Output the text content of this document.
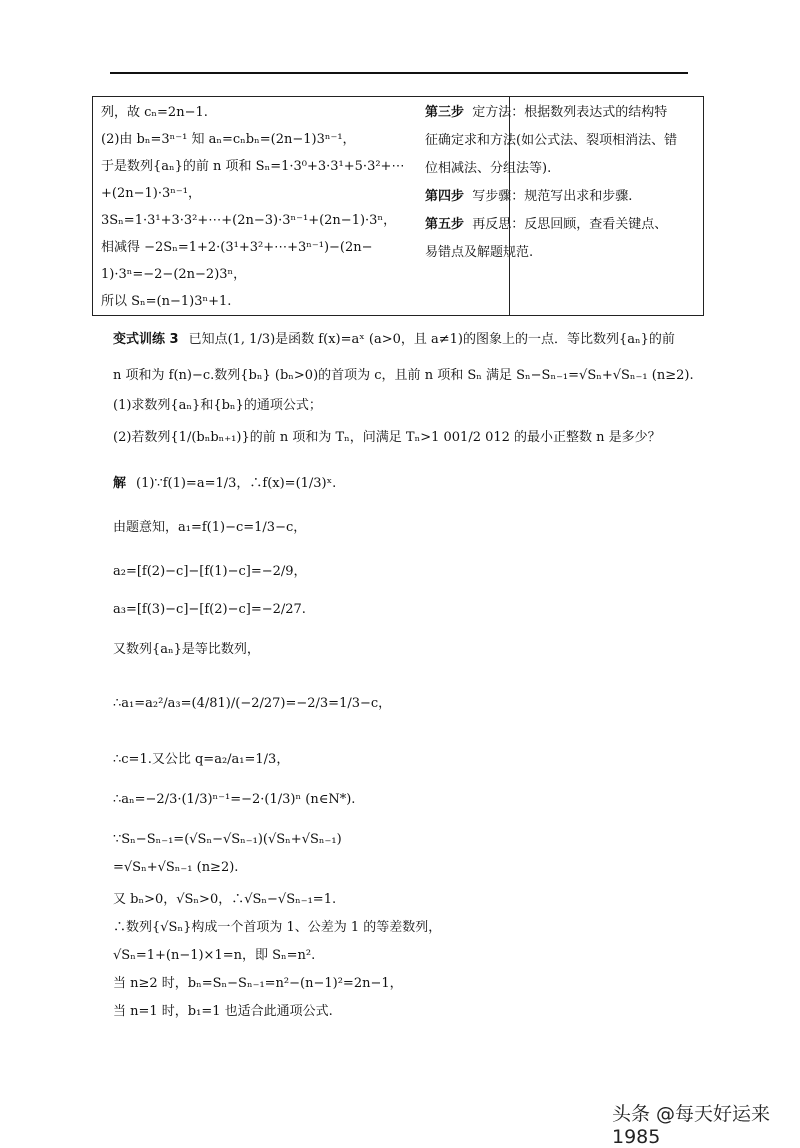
列，故 cₙ=2n−1.
(2)由 bₙ=3ⁿ⁻¹ 知 aₙ=cₙbₙ=(2n−1)3ⁿ⁻¹，
于是数列{aₙ}的前 n 项和 Sₙ=1·3⁰+3·3¹+5·3²+⋯
+(2n−1)·3ⁿ⁻¹，
3Sₙ=1·3¹+3·3²+⋯+(2n−3)·3ⁿ⁻¹+(2n−1)·3ⁿ，
相减得 −2Sₙ=1+2·(3¹+3²+⋯+3ⁿ⁻¹)−(2n−
1)·3ⁿ=−2−(2n−2)3ⁿ，
所以 Sₙ=(n−1)3ⁿ+1.
第三步 定方法：根据数列表达式的结构特
征确定求和方法(如公式法、裂项相消法、错
位相减法、分组法等).
第四步 写步骤：规范写出求和步骤.
第五步 再反思：反思回顾，查看关键点、
易错点及解题规范.
变式训练 3 已知点(1, 1/3)是函数 f(x)=aˣ (a>0，且 a≠1)的图象上的一点．等比数列{aₙ}的前
n 项和为 f(n)−c.数列{bₙ} (bₙ>0)的首项为 c，且前 n 项和 Sₙ 满足 Sₙ−Sₙ₋₁=√Sₙ+√Sₙ₋₁ (n≥2).
(1)求数列{aₙ}和{bₙ}的通项公式；
(2)若数列{1/(bₙbₙ₊₁)}的前 n 项和为 Tₙ，问满足 Tₙ>1 001/2 012 的最小正整数 n 是多少？
解 (1)∵f(1)=a=1/3，∴f(x)=(1/3)ˣ.
由题意知，a₁=f(1)−c=1/3−c，
a₂=[f(2)−c]−[f(1)−c]=−2/9，
a₃=[f(3)−c]−[f(2)−c]=−2/27.
又数列{aₙ}是等比数列，
∴a₁=a₂²/a₃=(4/81)/(−2/27)=−2/3=1/3−c，
∴c=1.又公比 q=a₂/a₁=1/3，
∴aₙ=−2/3·(1/3)ⁿ⁻¹=−2·(1/3)ⁿ (n∈N*).
∵Sₙ−Sₙ₋₁=(√Sₙ−√Sₙ₋₁)(√Sₙ+√Sₙ₋₁)
=√Sₙ+√Sₙ₋₁ (n≥2).
又 bₙ>0，√Sₙ>0，∴√Sₙ−√Sₙ₋₁=1.
∴数列{√Sₙ}构成一个首项为 1、公差为 1 的等差数列，
√Sₙ=1+(n−1)×1=n，即 Sₙ=n².
当 n≥2 时，bₙ=Sₙ−Sₙ₋₁=n²−(n−1)²=2n−1，
当 n=1 时，b₁=1 也适合此通项公式.
头条 @每天好运来1985
